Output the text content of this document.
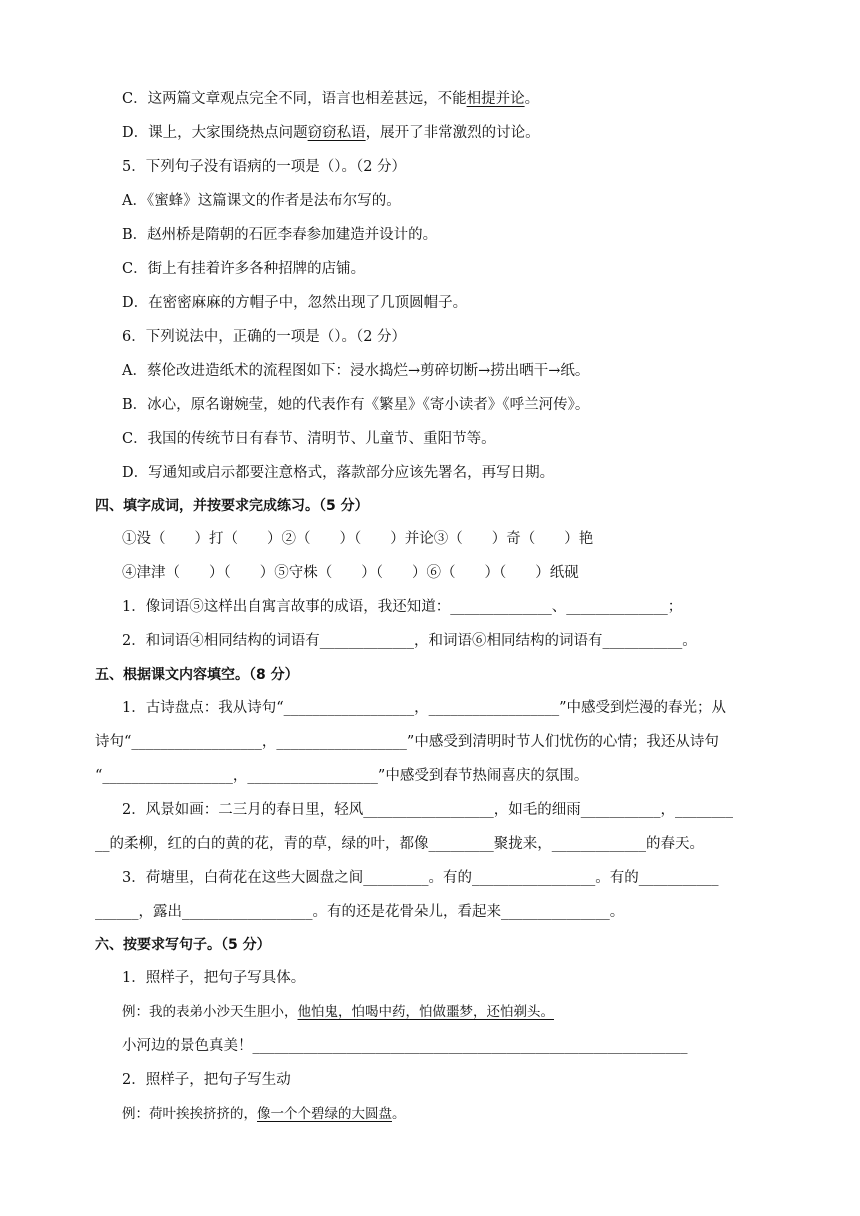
C．这两篇文章观点完全不同，语言也相差甚远，不能相提并论。
D．课上，大家围绕热点问题窃窃私语，展开了非常激烈的讨论。
5．下列句子没有语病的一项是（）。（2 分）
A．《蜜蜂》这篇课文的作者是法布尔写的。
B．赵州桥是隋朝的石匠李春参加建造并设计的。
C．街上有挂着许多各种招牌的店铺。
D．在密密麻麻的方帽子中，忽然出现了几顶圆帽子。
6．下列说法中，正确的一项是（）。（2 分）
A．蔡伦改进造纸术的流程图如下：浸水捣烂→剪碎切断→捞出晒干→纸。
B．冰心，原名谢婉莹，她的代表作有《繁星》《寄小读者》《呼兰河传》。
C．我国的传统节日有春节、清明节、儿童节、重阳节等。
D．写通知或启示都要注意格式，落款部分应该先署名，再写日期。
四、填字成词，并按要求完成练习。（5 分）
①没（　　）打（　　）②（　　）（　　）并论③（　　）奇（　　）艳
④津津（　　）（　　）⑤守株（　　）（　　）⑥（　　）（　　）纸砚
1．像词语⑤这样出自寓言故事的成语，我还知道：______________、______________；
2．和词语④相同结构的词语有_____________，和词语⑥相同结构的词语有___________。
五、根据课文内容填空。（8 分）
1．古诗盘点：我从诗句“__________________，__________________”中感受到烂漫的春光；从
诗句“__________________，__________________”中感受到清明时节人们忧伤的心情；我还从诗句
“__________________，__________________”中感受到春节热闹喜庆的氛围。
2．风景如画：二三月的春日里，轻风__________________，如毛的细雨___________，________
__的柔柳，红的白的黄的花，青的草，绿的叶，都像_________聚拢来，_____________的春天。
3．荷塘里，白荷花在这些大圆盘之间_________。有的_________________。有的___________
______，露出__________________。有的还是花骨朵儿，看起来_______________。
六、按要求写句子。（5 分）
1．照样子，把句子写具体。
例：我的表弟小沙天生胆小，他怕鬼，怕喝中药，怕做噩梦，还怕剃头。
小河边的景色真美！____________________________________________________________
2．照样子，把句子写生动
例：荷叶挨挨挤挤的，像一个个碧绿的大圆盘。
